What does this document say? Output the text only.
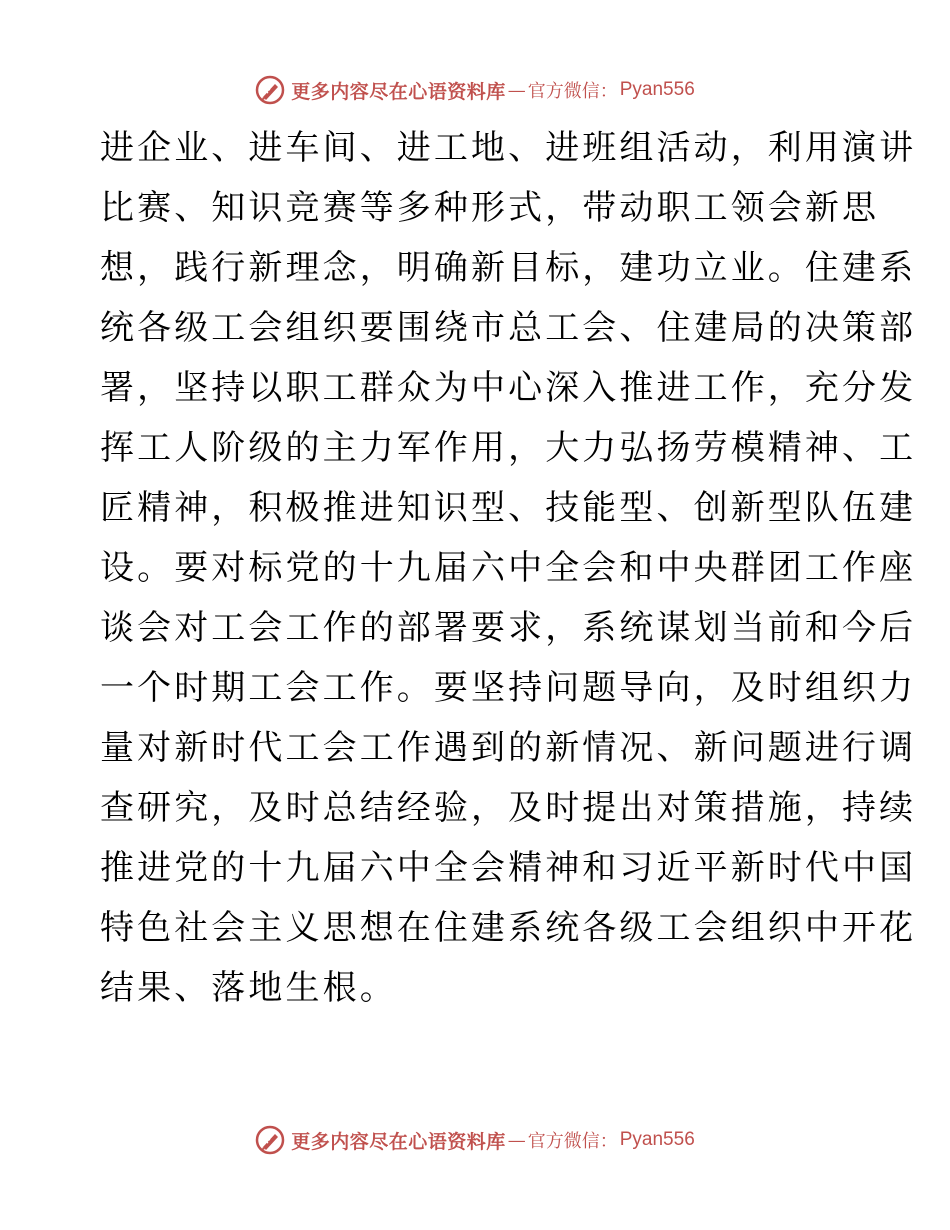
更多内容尽在心语资料库 — 官方微信： Pyan556
进企业、进车间、进工地、进班组活动，利用演讲
比赛、知识竞赛等多种形式，带动职工领会新思
想，践行新理念，明确新目标，建功立业。住建系
统各级工会组织要围绕市总工会、住建局的决策部
署，坚持以职工群众为中心深入推进工作，充分发
挥工人阶级的主力军作用，大力弘扬劳模精神、工
匠精神，积极推进知识型、技能型、创新型队伍建
设。要对标党的十九届六中全会和中央群团工作座
谈会对工会工作的部署要求，系统谋划当前和今后
一个时期工会工作。要坚持问题导向，及时组织力
量对新时代工会工作遇到的新情况、新问题进行调
查研究，及时总结经验，及时提出对策措施，持续
推进党的十九届六中全会精神和习近平新时代中国
特色社会主义思想在住建系统各级工会组织中开花
结果、落地生根。
更多内容尽在心语资料库 — 官方微信： Pyan556
